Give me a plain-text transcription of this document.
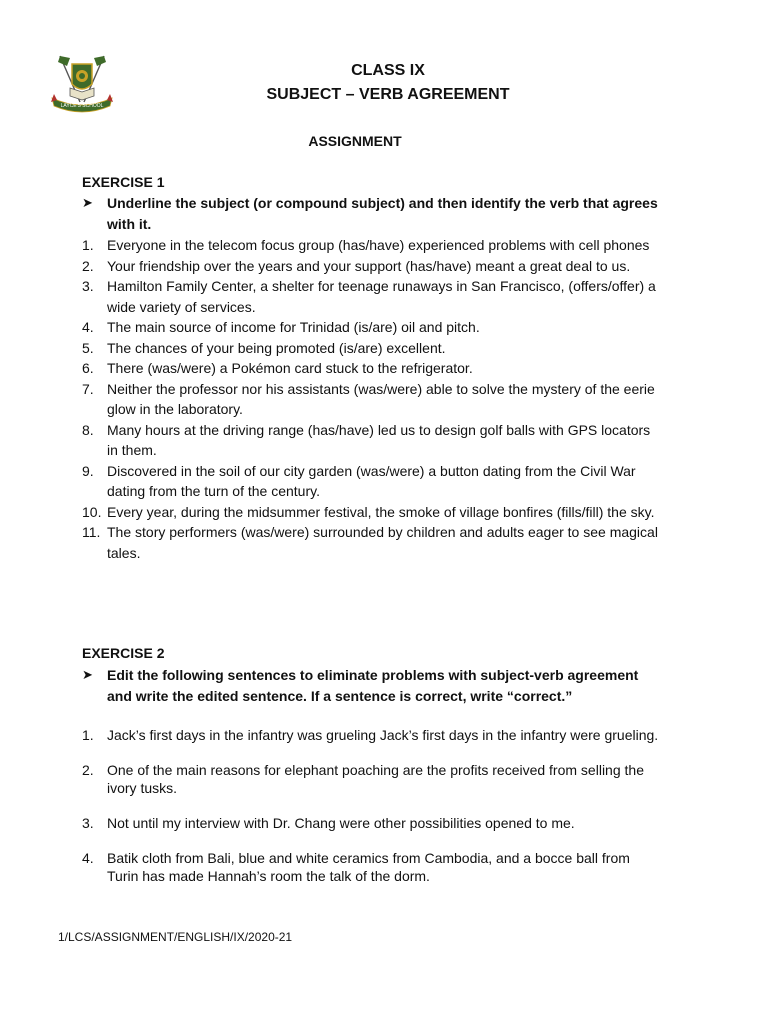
LAYCE'S SCHOOL
CLASS IX
SUBJECT – VERB AGREEMENT
ASSIGNMENT
EXERCISE 1
➤ Underline the subject (or compound subject) and then identify the verb that agrees with it.
1. Everyone in the telecom focus group (has/have) experienced problems with cell phones
2. Your friendship over the years and your support (has/have) meant a great deal to us.
3. Hamilton Family Center, a shelter for teenage runaways in San Francisco, (offers/offer) a wide variety of services.
4. The main source of income for Trinidad (is/are) oil and pitch.
5. The chances of your being promoted (is/are) excellent.
6. There (was/were) a Pokémon card stuck to the refrigerator.
7. Neither the professor nor his assistants (was/were) able to solve the mystery of the eerie glow in the laboratory.
8. Many hours at the driving range (has/have) led us to design golf balls with GPS locators in them.
9. Discovered in the soil of our city garden (was/were) a button dating from the Civil War dating from the turn of the century.
10. Every year, during the midsummer festival, the smoke of village bonfires (fills/fill) the sky.
11. The story performers (was/were) surrounded by children and adults eager to see magical tales.
EXERCISE 2
➤ Edit the following sentences to eliminate problems with subject-verb agreement and write the edited sentence. If a sentence is correct, write “correct.”
1. Jack’s first days in the infantry was grueling Jack’s first days in the infantry were grueling.
2. One of the main reasons for elephant poaching are the profits received from selling the ivory tusks.
3. Not until my interview with Dr. Chang were other possibilities opened to me.
4. Batik cloth from Bali, blue and white ceramics from Cambodia, and a bocce ball from Turin has made Hannah’s room the talk of the dorm.
1/LCS/ASSIGNMENT/ENGLISH/IX/2020-21
